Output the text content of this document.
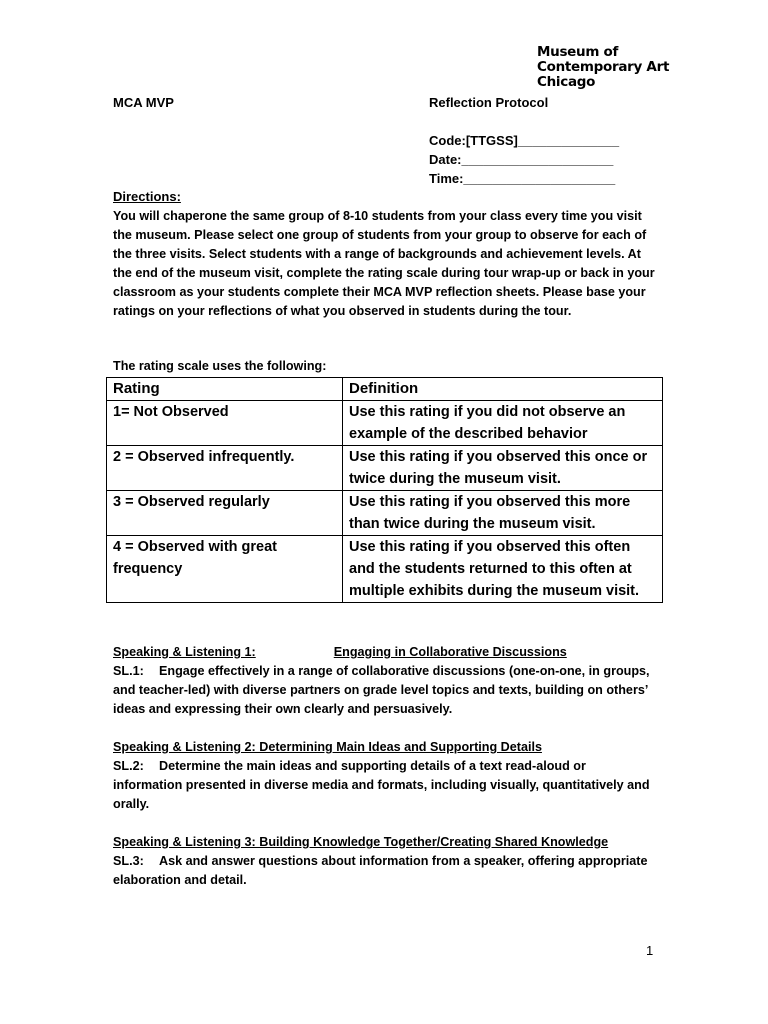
Museum of
Contemporary Art
Chicago
MCA MVP	Reflection Protocol
Code:[TTGSS]______________
Date:_____________________
Time:_____________________
Directions:
You will chaperone the same group of 8-10 students from your class every time you visit the museum. Please select one group of students from your group to observe for each of the three visits. Select students with a range of backgrounds and achievement levels. At the end of the museum visit, complete the rating scale during tour wrap-up or back in your classroom as your students complete their MCA MVP reflection sheets. Please base your ratings on your reflections of what you observed in students during the tour.
The rating scale uses the following:
Rating	Definition
1= Not Observed	Use this rating if you did not observe an example of the described behavior
2 = Observed infrequently.	Use this rating if you observed this once or twice during the museum visit.
3 = Observed regularly	Use this rating if you observed this more than twice during the museum visit.
4 = Observed with great frequency	Use this rating if you observed this often and the students returned to this often at multiple exhibits during the museum visit.
Speaking & Listening 1:	Engaging in Collaborative Discussions
SL.1: Engage effectively in a range of collaborative discussions (one-on-one, in groups, and teacher-led) with diverse partners on grade level topics and texts, building on others’ ideas and expressing their own clearly and persuasively.
Speaking & Listening 2: Determining Main Ideas and Supporting Details
SL.2: Determine the main ideas and supporting details of a text read-aloud or information presented in diverse media and formats, including visually, quantitatively and orally.
Speaking & Listening 3: Building Knowledge Together/Creating Shared Knowledge
SL.3: Ask and answer questions about information from a speaker, offering appropriate elaboration and detail.
1
